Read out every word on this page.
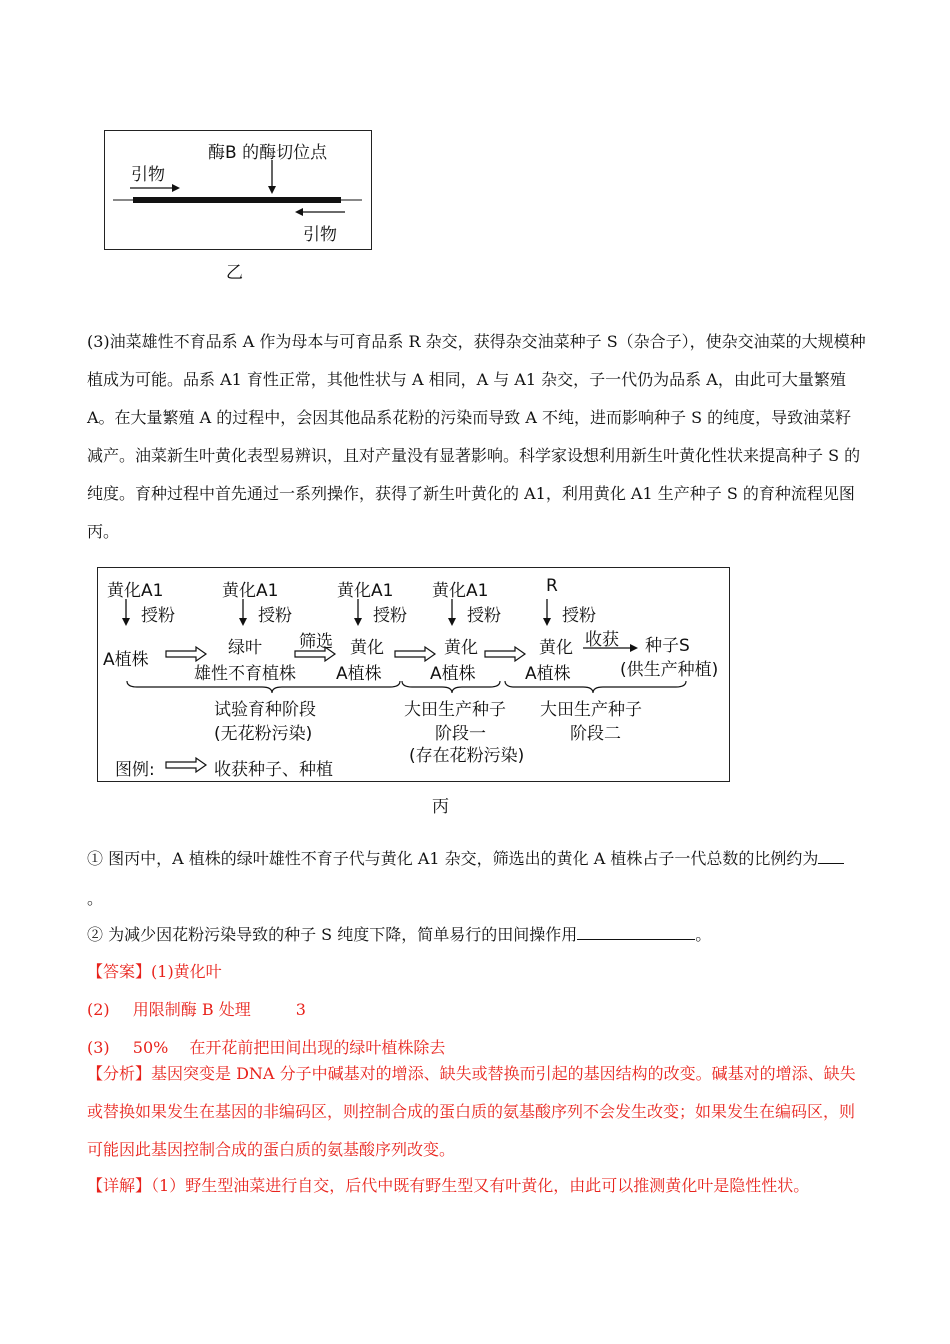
酶B 的酶切位点
引物
引物
乙
(3)油菜雄性不育品系 A 作为母本与可育品系 R 杂交，获得杂交油菜种子 S（杂合子），使杂交油菜的大规模种植成为可能。品系 A1 育性正常，其他性状与 A 相同，A 与 A1 杂交，子一代仍为品系 A，由此可大量繁殖 A。在大量繁殖 A 的过程中，会因其他品系花粉的污染而导致 A 不纯，进而影响种子 S 的纯度，导致油菜籽减产。油菜新生叶黄化表型易辨识，且对产量没有显著影响。科学家设想利用新生叶黄化性状来提高种子 S 的纯度。育种过程中首先通过一系列操作，获得了新生叶黄化的 A1，利用黄化 A1 生产种子 S 的育种流程见图丙。
黄化A1	黄化A1	黄化A1 黄化A1	R
授粉	授粉	授粉	授粉	授粉
A植株
绿叶
雄性不育植株
筛选 黄化
A植株
黄化
A植株
黄化
A植株
收获 种子S
(供生产种植)
试验育种阶段
(无花粉污染)
大田生产种子
阶段一
(存在花粉污染)
大田生产种子
阶段二
图例:	收获种子、种植
丙
① 图丙中，A 植株的绿叶雄性不育子代与黄化 A1 杂交，筛选出的黄化 A 植株占子一代总数的比例约为
。
② 为减少因花粉污染导致的种子 S 纯度下降，简单易行的田间操作用	。
【答案】(1)黄化叶
(2) 用限制酶 B 处理	3
(3) 50% 在开花前把田间出现的绿叶植株除去
【分析】基因突变是 DNA 分子中碱基对的增添、缺失或替换而引起的基因结构的改变。碱基对的增添、缺失或替换如果发生在基因的非编码区，则控制合成的蛋白质的氨基酸序列不会发生改变；如果发生在编码区，则可能因此基因控制合成的蛋白质的氨基酸序列改变。
【详解】（1）野生型油菜进行自交，后代中既有野生型又有叶黄化，由此可以推测黄化叶是隐性性状。
